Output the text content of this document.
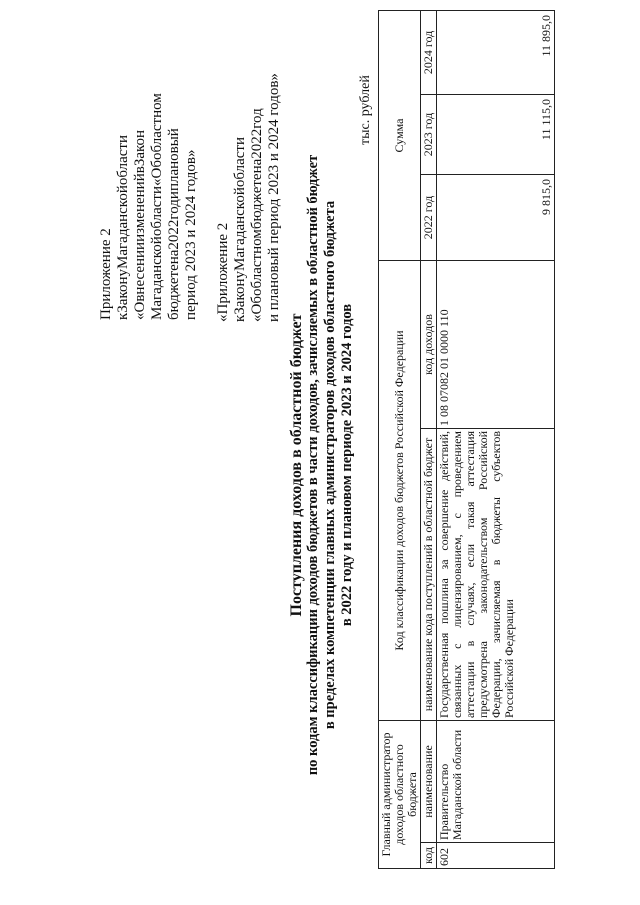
Приложение 2 кЗаконуМагаданскойобласти
«ОвнесенииизмененийвЗакон
Магаданскойобласти«Обобластном
бюджетена2022годиплановый период 2023 и 2024 годов» «Приложение 2 кЗаконуМагаданскойобласти
«Обобластномбюджетена2022год и плановый период 2023 и 2024 годов»
Поступления доходов в областной бюджет по кодам классификации доходов бюджетов в части доходов, зачисляемых в областной бюджет в пределах компетенции главных администраторов доходов областного бюджета в 2022 году и плановом периоде 2023 и 2024 годов
тыс. рублей
Главный администратор доходов областного бюджета		Код классификации доходов бюджетов Российской Федерации		Сумма		
код	наименование					
		наименование кода поступлений в областной бюджет	код доходов	2022 год	2023 год	2024 год
602	Правительство Магаданской области	Государственная пошлина за совершение действий, связанных с лицензированием, с проведением аттестации в случаях, если такая аттестация предусмотрена законодательством Российской Федерации, зачисляемая в бюджеты субъектов Российской Федерации	1 08 07082 01 0000 110	9 815,0	11 115,0	11 895,0
